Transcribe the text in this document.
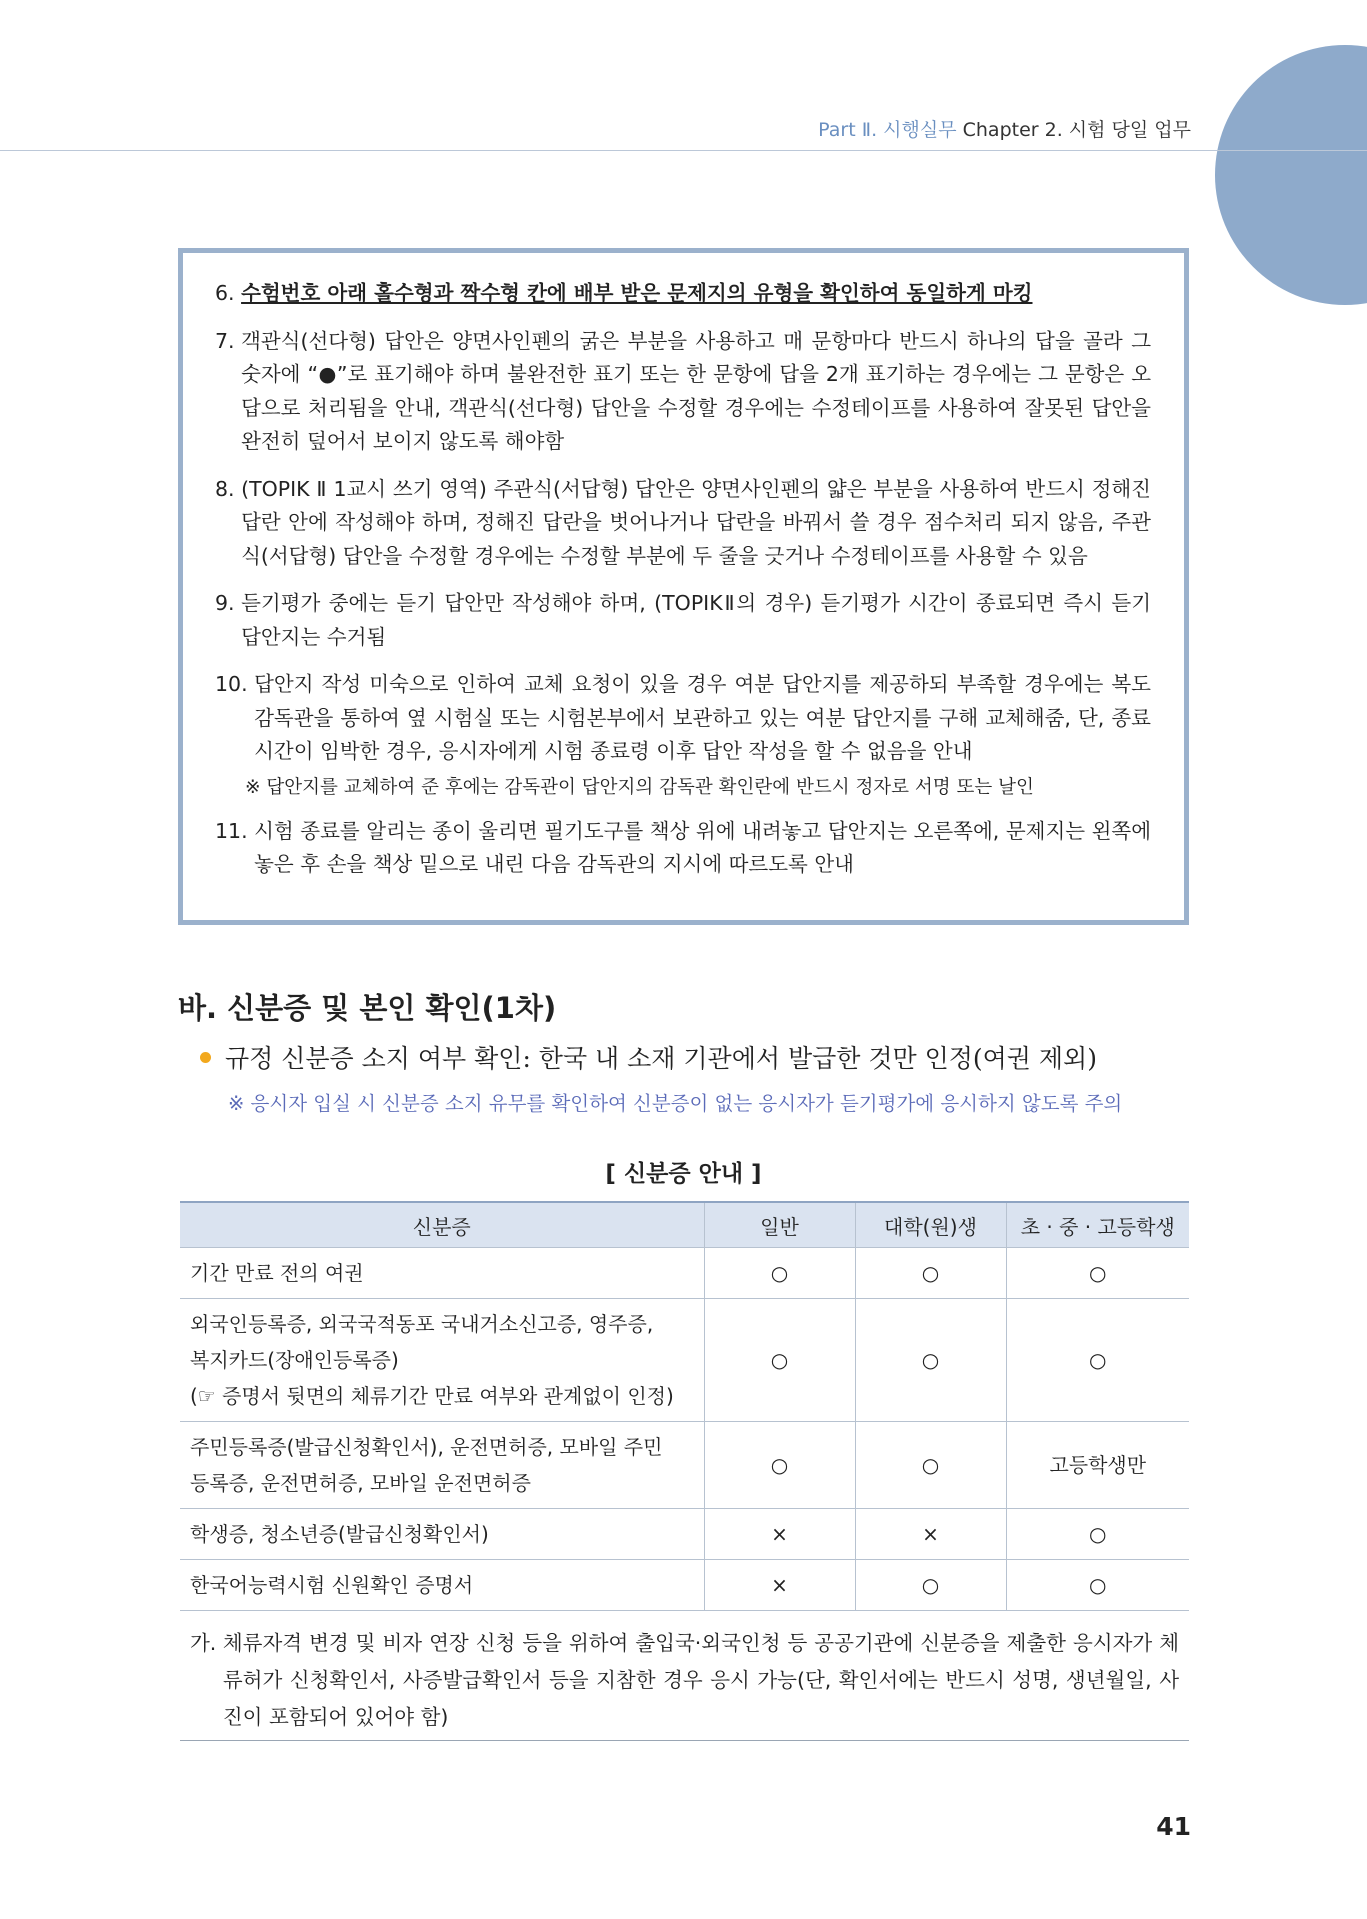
Part Ⅱ. 시행실무 Chapter 2. 시험 당일 업무
6. 수험번호 아래 홀수형과 짝수형 칸에 배부 받은 문제지의 유형을 확인하여 동일하게 마킹
7. 객관식(선다형) 답안은 양면사인펜의 굵은 부분을 사용하고 매 문항마다 반드시 하나의 답을 골라 그 숫자에 “●”로 표기해야 하며 불완전한 표기 또는 한 문항에 답을 2개 표기하는 경우에는 그 문항은 오답으로 처리됨을 안내, 객관식(선다형) 답안을 수정할 경우에는 수정테이프를 사용하여 잘못된 답안을 완전히 덮어서 보이지 않도록 해야함
8. (TOPIK Ⅱ 1교시 쓰기 영역) 주관식(서답형) 답안은 양면사인펜의 얇은 부분을 사용하여 반드시 정해진 답란 안에 작성해야 하며, 정해진 답란을 벗어나거나 답란을 바꿔서 쓸 경우 점수처리 되지 않음, 주관식(서답형) 답안을 수정할 경우에는 수정할 부분에 두 줄을 긋거나 수정테이프를 사용할 수 있음
9. 듣기평가 중에는 듣기 답안만 작성해야 하며, (TOPIKⅡ의 경우) 듣기평가 시간이 종료되면 즉시 듣기 답안지는 수거됨
10. 답안지 작성 미숙으로 인하여 교체 요청이 있을 경우 여분 답안지를 제공하되 부족할 경우에는 복도 감독관을 통하여 옆 시험실 또는 시험본부에서 보관하고 있는 여분 답안지를 구해 교체해줌, 단, 종료 시간이 임박한 경우, 응시자에게 시험 종료령 이후 답안 작성을 할 수 없음을 안내
※ 답안지를 교체하여 준 후에는 감독관이 답안지의 감독관 확인란에 반드시 정자로 서명 또는 날인
11. 시험 종료를 알리는 종이 울리면 필기도구를 책상 위에 내려놓고 답안지는 오른쪽에, 문제지는 왼쪽에 놓은 후 손을 책상 밑으로 내린 다음 감독관의 지시에 따르도록 안내
바. 신분증 및 본인 확인(1차)
규정 신분증 소지 여부 확인: 한국 내 소재 기관에서 발급한 것만 인정(여권 제외)
※ 응시자 입실 시 신분증 소지 유무를 확인하여 신분증이 없는 응시자가 듣기평가에 응시하지 않도록 주의
[ 신분증 안내 ]
신분증	일반	대학(원)생	초 · 중 · 고등학생
기간 만료 전의 여권	○	○	○

외국인등록증, 외국국적동포 국내거소신고증, 영주증,
복지카드(장애인등록증)
(☞ 증명서 뒷면의 체류기간 만료 여부와 관계없이 인정)	○	○	○

주민등록증(발급신청확인서), 운전면허증, 모바일 주민
등록증, 운전면허증, 모바일 운전면허증	○	○	고등학생만
학생증, 청소년증(발급신청확인서)	×	×	○
한국어능력시험 신원확인 증명서	×	○	○
가. 체류자격 변경 및 비자 연장 신청 등을 위하여 출입국·외국인청 등 공공기관에 신분증을 제출한 응시자가 체류허가 신청확인서, 사증발급확인서 등을 지참한 경우 응시 가능(단, 확인서에는 반드시 성명, 생년월일, 사진이 포함되어 있어야 함)
41
